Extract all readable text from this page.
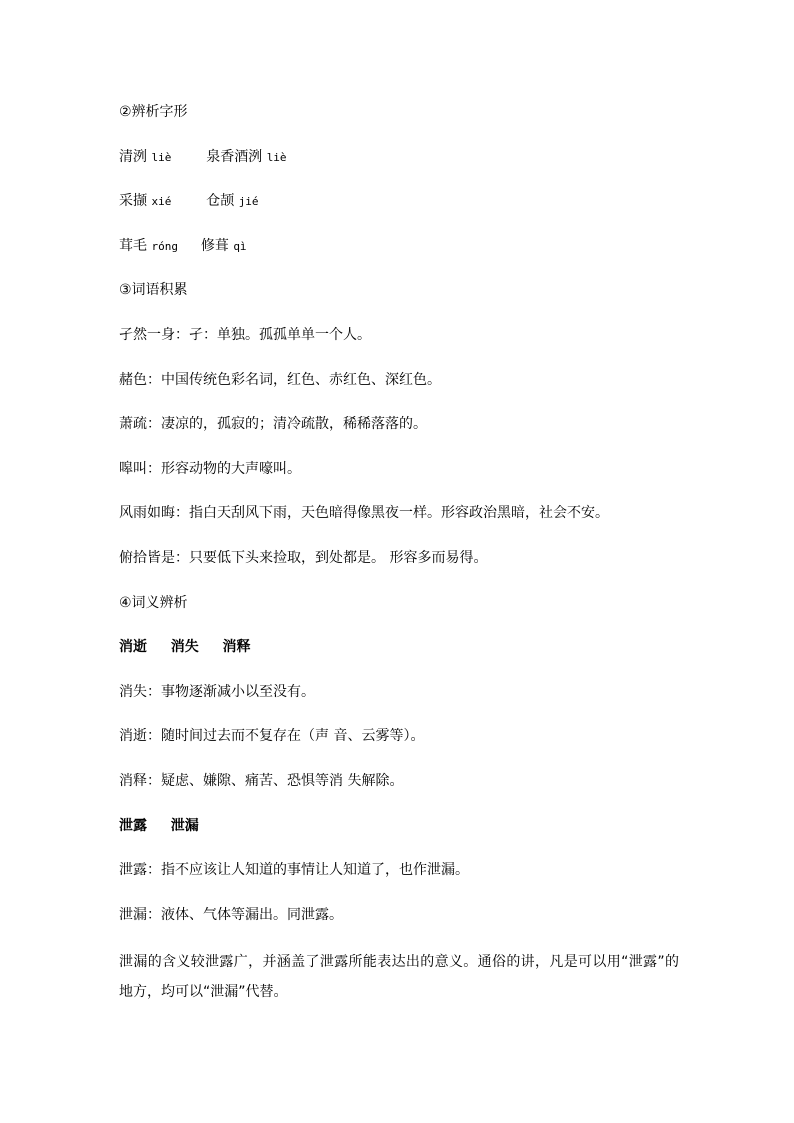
②辨析字形
清洌 liè 泉香酒洌 liè
采撷 xié 仓颉 jié
茸毛 róng 修葺 qì
③词语积累
孑然一身：孑：单独。孤孤单单一个人。
赭色：中国传统色彩名词，红色、赤红色、深红色。
萧疏：凄凉的，孤寂的；清冷疏散，稀稀落落的。
嗥叫：形容动物的大声嚎叫。
风雨如晦：指白天刮风下雨，天色暗得像黑夜一样。形容政治黑暗，社会不安。
俯拾皆是：只要低下头来捡取，到处都是。 形容多而易得。
④词义辨析
消逝 消失 消释
消失：事物逐渐减小以至没有。
消逝：随时间过去而不复存在（声 音、云雾等）。
消释：疑虑、嫌隙、痛苦、恐惧等消 失解除。
泄露 泄漏
泄露：指不应该让人知道的事情让人知道了，也作泄漏。
泄漏：液体、气体等漏出。同泄露。
泄漏的含义较泄露广，并涵盖了泄露所能表达出的意义。通俗的讲，凡是可以用“泄露”的地方，均可以“泄漏”代替。
